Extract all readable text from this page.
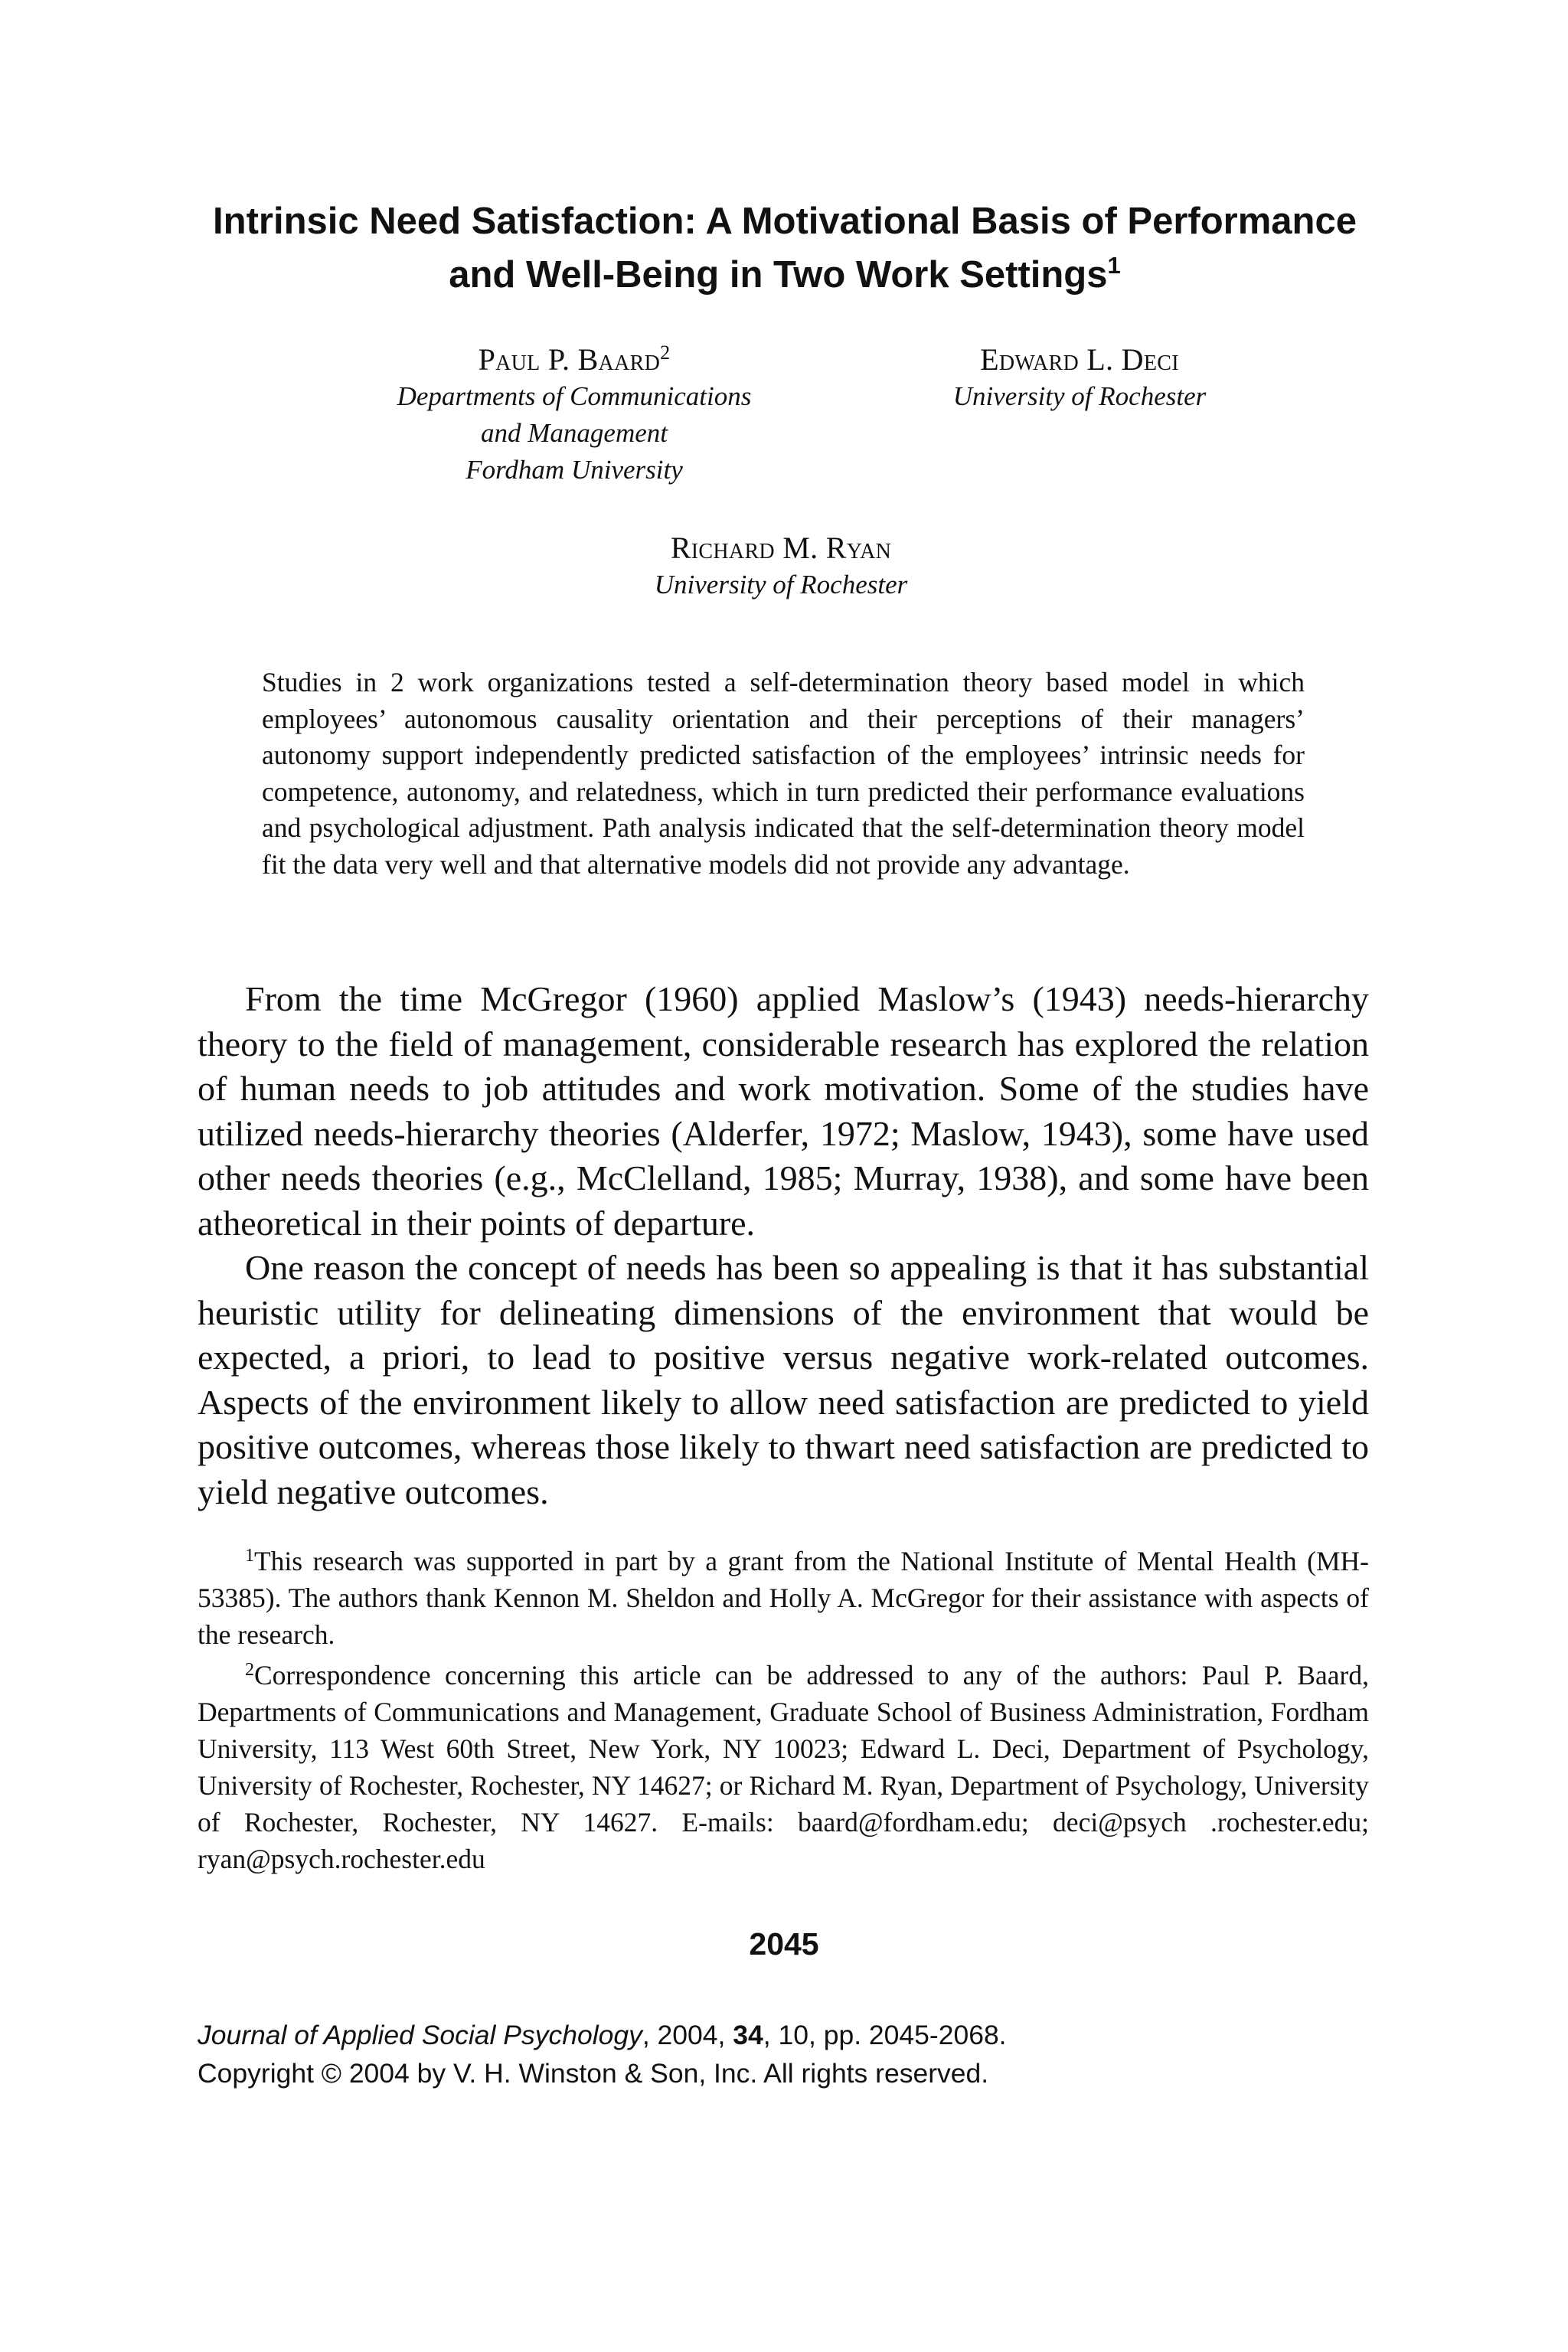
Intrinsic Need Satisfaction: A Motivational Basis of Performance and Well-Being in Two Work Settings$^1$
Paul P. Baard$^2$
Departments of Communications
and Management
Fordham University
Edward L. Deci
University of Rochester
Richard M. Ryan
University of Rochester

Studies in 2 work organizations tested a self-determination theory based model in which employees’ autonomous causality orientation and their perceptions of their managers’ autonomy support independently predicted satisfaction of the employees’ intrinsic needs for competence, autonomy, and relatedness, which in turn predicted their performance evaluations and psychological adjustment. Path analysis indicated that the self-determination theory model fit the data very well and that alternative models did not provide any advantage.

From the time McGregor (1960) applied Maslow’s (1943) needs-hierarchy theory to the field of management, considerable research has explored the relation of human needs to job attitudes and work motivation. Some of the studies have utilized needs-hierarchy theories (Alderfer, 1972; Maslow, 1943), some have used other needs theories (e.g., McClelland, 1985; Murray, 1938), and some have been atheoretical in their points of departure.

One reason the concept of needs has been so appealing is that it has substantial heuristic utility for delineating dimensions of the environment that would be expected, a priori, to lead to positive versus negative work-related outcomes. Aspects of the environment likely to allow need satisfaction are predicted to yield positive outcomes, whereas those likely to thwart need satisfaction are predicted to yield negative outcomes.

$^1$This research was supported in part by a grant from the National Institute of Mental Health (MH-53385). The authors thank Kennon M. Sheldon and Holly A. McGregor for their assistance with aspects of the research.

$^2$Correspondence concerning this article can be addressed to any of the authors: Paul P. Baard, Departments of Communications and Management, Graduate School of Business Administration, Fordham University, 113 West 60th Street, New York, NY 10023; Edward L. Deci, Department of Psychology, University of Rochester, Rochester, NY 14627; or Richard M. Ryan, Department of Psychology, University of Rochester, Rochester, NY 14627. E-mails: baard@fordham.edu; deci@psych .rochester.edu; ryan@psych.rochester.edu

2045
Journal of Applied Social Psychology, 2004, 34, 10, pp. 2045-2068.
Copyright © 2004 by V. H. Winston & Son, Inc. All rights reserved.
